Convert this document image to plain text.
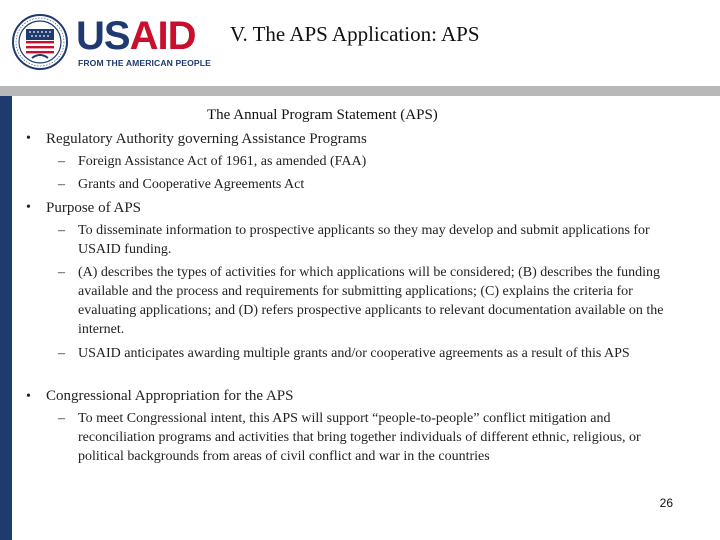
USAID
FROM THE AMERICAN PEOPLE
V. The APS Application: APS
The Annual Program Statement (APS)
• Regulatory Authority governing Assistance Programs
– Foreign Assistance Act of 1961, as amended (FAA)
– Grants and Cooperative Agreements Act
• Purpose of APS
– To disseminate information to prospective applicants so they may develop and submit applications for USAID funding.
– (A) describes the types of activities for which applications will be considered; (B) describes the funding available and the process and requirements for submitting applications; (C) explains the criteria for evaluating applications; and (D) refers prospective applicants to relevant documentation available on the internet.
– USAID anticipates awarding multiple grants and/or cooperative agreements as a result of this APS
• Congressional Appropriation for the APS
– To meet Congressional intent, this APS will support “people-to-people” conflict mitigation and reconciliation programs and activities that bring together individuals of different ethnic, religious, or political backgrounds from areas of civil conflict and war in the countries
26
